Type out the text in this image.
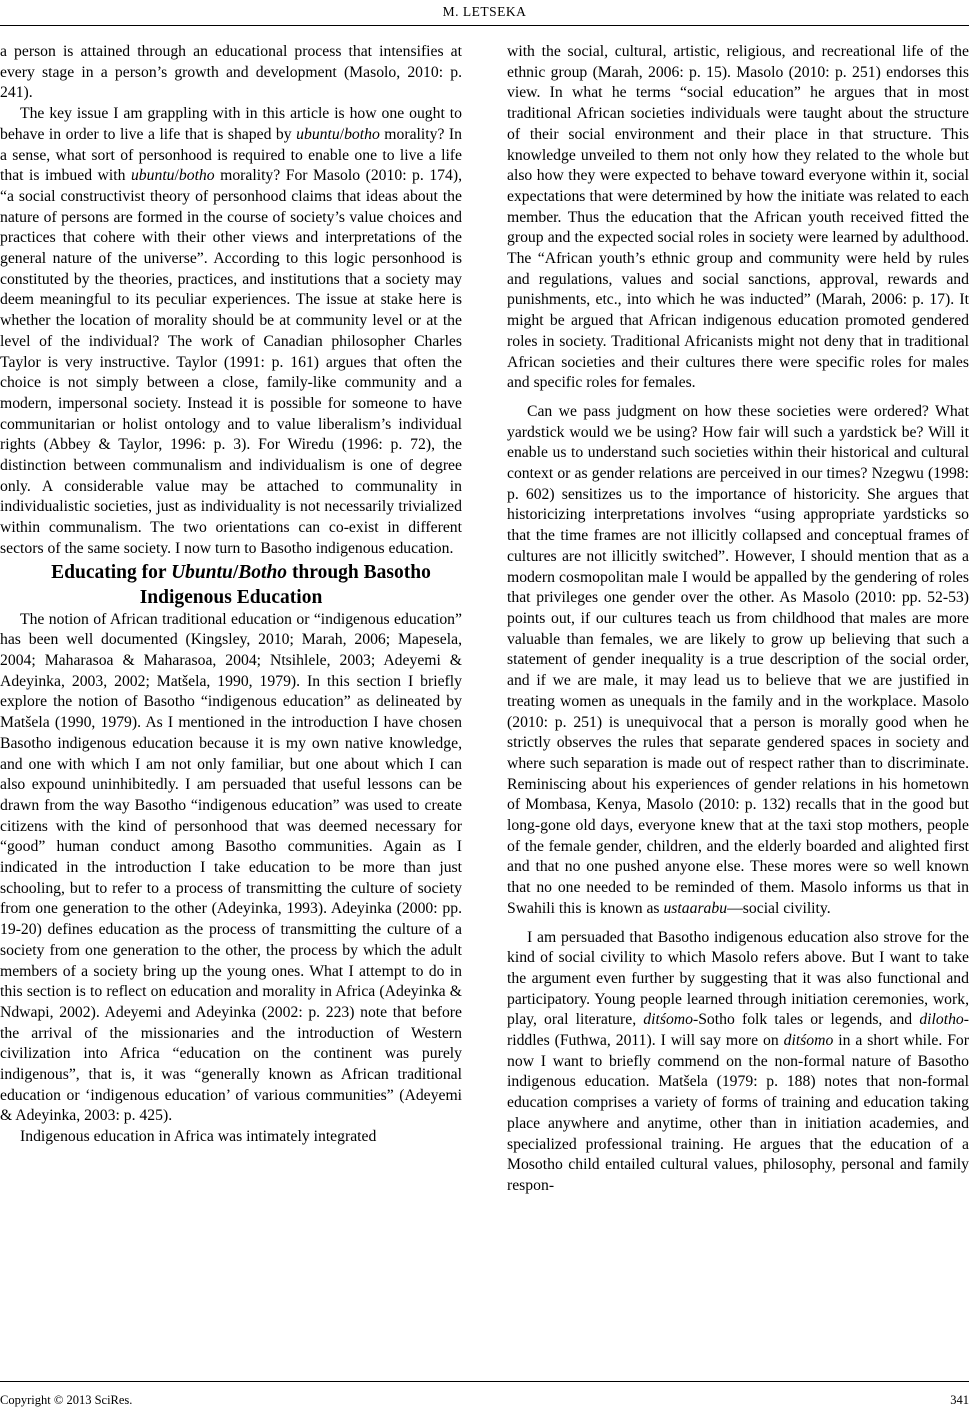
M. LETSEKA

a person is attained through an educational process that intensifies at every stage in a person’s growth and development (Masolo, 2010: p. 241).

The key issue I am grappling with in this article is how one ought to behave in order to live a life that is shaped by ubuntu/botho morality? In a sense, what sort of personhood is required to enable one to live a life that is imbued with ubuntu/botho morality? For Masolo (2010: p. 174), “a social constructivist theory of personhood claims that ideas about the nature of persons are formed in the course of society’s value choices and practices that cohere with their other views and interpretations of the general nature of the universe”. According to this logic personhood is constituted by the theories, practices, and institutions that a society may deem meaningful to its peculiar experiences. The issue at stake here is whether the location of morality should be at community level or at the level of the individual? The work of Canadian philosopher Charles Taylor is very instructive. Taylor (1991: p. 161) argues that often the choice is not simply between a close, family-like community and a modern, impersonal society. Instead it is possible for someone to have communitarian or holist ontology and to value liberalism’s individual rights (Abbey & Taylor, 1996: p. 3). For Wiredu (1996: p. 72), the distinction between communalism and individualism is one of degree only. A considerable value may be attached to communality in individualistic societies, just as individuality is not necessarily trivialized within communalism. The two orientations can co-exist in different sectors of the same society. I now turn to Basotho indigenous education.

Educating for Ubuntu/Botho through Basotho Indigenous Education

The notion of African traditional education or “indigenous education” has been well documented (Kingsley, 2010; Marah, 2006; Mapesela, 2004; Maharasoa & Maharasoa, 2004; Ntsihlele, 2003; Adeyemi & Adeyinka, 2003, 2002; Matšela, 1990, 1979). In this section I briefly explore the notion of Basotho “indigenous education” as delineated by Matšela (1990, 1979). As I mentioned in the introduction I have chosen Basotho indigenous education because it is my own native knowledge, and one with which I am not only familiar, but one about which I can also expound uninhibitedly. I am persuaded that useful lessons can be drawn from the way Basotho “indigenous education” was used to create citizens with the kind of personhood that was deemed necessary for “good” human conduct among Basotho communities. Again as I indicated in the introduction I take education to be more than just schooling, but to refer to a process of transmitting the culture of society from one generation to the other (Adeyinka, 1993). Adeyinka (2000: pp. 19-20) defines education as the process of transmitting the culture of a society from one generation to the other, the process by which the adult members of a society bring up the young ones. What I attempt to do in this section is to reflect on education and morality in Africa (Adeyinka & Ndwapi, 2002). Adeyemi and Adeyinka (2002: p. 223) note that before the arrival of the missionaries and the introduction of Western civilization into Africa “education on the continent was purely indigenous”, that is, it was “generally known as African traditional education or ‘indigenous education’ of various communities” (Adeyemi & Adeyinka, 2003: p. 425).

Indigenous education in Africa was intimately integrated

with the social, cultural, artistic, religious, and recreational life of the ethnic group (Marah, 2006: p. 15). Masolo (2010: p. 251) endorses this view. In what he terms “social education” he argues that in most traditional African societies individuals were taught about the structure of their social environment and their place in that structure. This knowledge unveiled to them not only how they related to the whole but also how they were expected to behave toward everyone within it, social expectations that were determined by how the initiate was related to each member. Thus the education that the African youth received fitted the group and the expected social roles in society were learned by adulthood. The “African youth’s ethnic group and community were held by rules and regulations, values and social sanctions, approval, rewards and punishments, etc., into which he was inducted” (Marah, 2006: p. 17). It might be argued that African indigenous education promoted gendered roles in society. Traditional Africanists might not deny that in traditional African societies and their cultures there were specific roles for males and specific roles for females.

Can we pass judgment on how these societies were ordered? What yardstick would we be using? How fair will such a yardstick be? Will it enable us to understand such societies within their historical and cultural context or as gender relations are perceived in our times? Nzegwu (1998: p. 602) sensitizes us to the importance of historicity. She argues that historicizing interpretations involves “using appropriate yardsticks so that the time frames are not illicitly collapsed and conceptual frames of cultures are not illicitly switched”. However, I should mention that as a modern cosmopolitan male I would be appalled by the gendering of roles that privileges one gender over the other. As Masolo (2010: pp. 52-53) points out, if our cultures teach us from childhood that males are more valuable than females, we are likely to grow up believing that such a statement of gender inequality is a true description of the social order, and if we are male, it may lead us to believe that we are justified in treating women as unequals in the family and in the workplace. Masolo (2010: p. 251) is unequivocal that a person is morally good when he strictly observes the rules that separate gendered spaces in society and where such separation is made out of respect rather than to discriminate. Reminiscing about his experiences of gender relations in his hometown of Mombasa, Kenya, Masolo (2010: p. 132) recalls that in the good but long-gone old days, everyone knew that at the taxi stop mothers, people of the female gender, children, and the elderly boarded and alighted first and that no one pushed anyone else. These mores were so well known that no one needed to be reminded of them. Masolo informs us that in Swahili this is known as ustaarabu—social civility.

I am persuaded that Basotho indigenous education also strove for the kind of social civility to which Masolo refers above. But I want to take the argument even further by suggesting that it was also functional and participatory. Young people learned through initiation ceremonies, work, play, oral literature, ditśomo-Sotho folk tales or legends, and dilotho-riddles (Futhwa, 2011). I will say more on ditśomo in a short while. For now I want to briefly commend on the non-formal nature of Basotho indigenous education. Matšela (1979: p. 188) notes that non-formal education comprises a variety of forms of training and education taking place anywhere and anytime, other than in initiation academies, and specialized professional training. He argues that the education of a Mosotho child entailed cultural values, philosophy, personal and family respon-

Copyright © 2013 SciRes.	341
